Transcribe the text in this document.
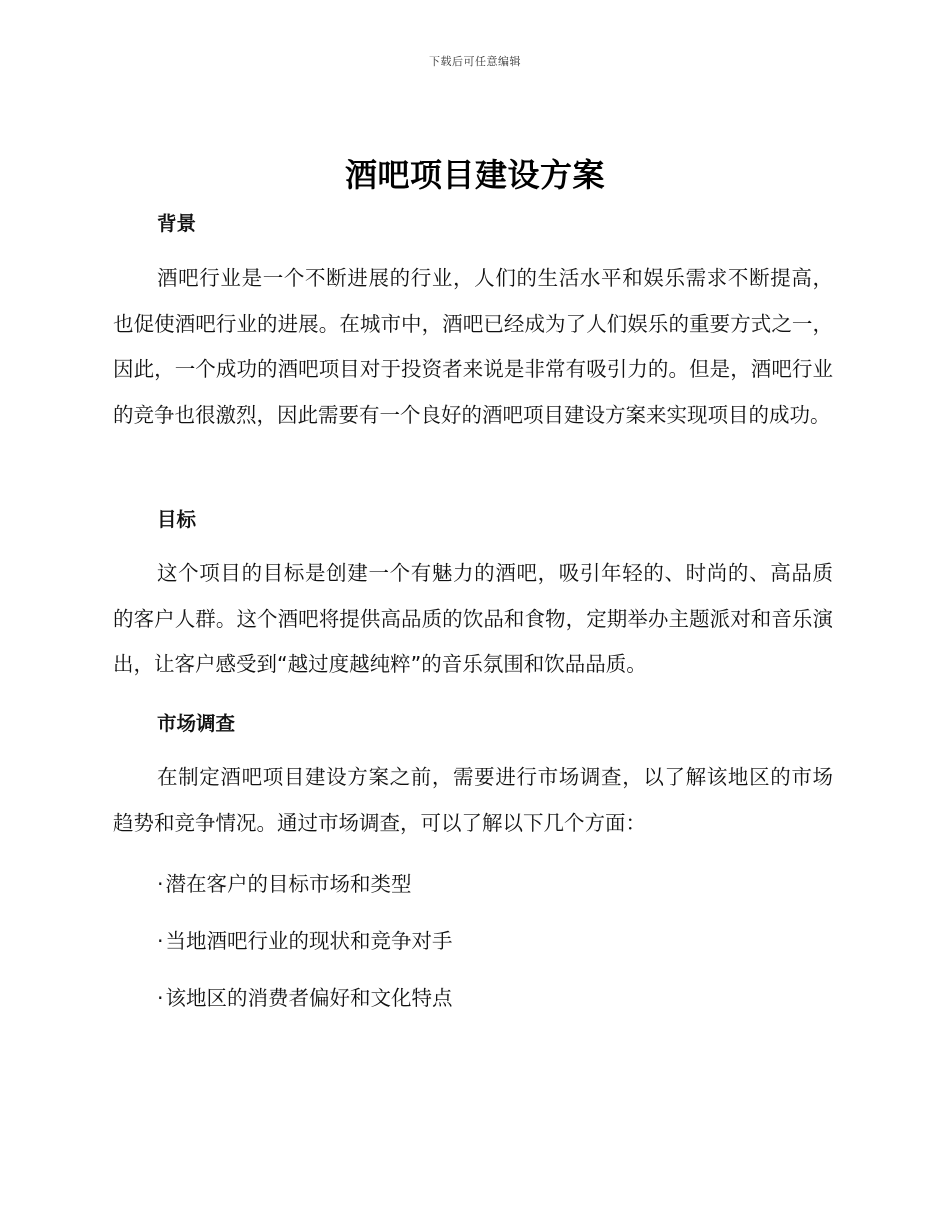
下载后可任意编辑
酒吧项目建设方案
背景

酒吧行业是一个不断进展的行业，人们的生活水平和娱乐需求不断提高，也促使酒吧行业的进展。在城市中，酒吧已经成为了人们娱乐的重要方式之一，因此，一个成功的酒吧项目对于投资者来说是非常有吸引力的。但是，酒吧行业的竞争也很激烈，因此需要有一个良好的酒吧项目建设方案来实现项目的成功。

目标

这个项目的目标是创建一个有魅力的酒吧，吸引年轻的、时尚的、高品质的客户人群。这个酒吧将提供高品质的饮品和食物，定期举办主题派对和音乐演出，让客户感受到“越过度越纯粹”的音乐氛围和饮品品质。

市场调查

在制定酒吧项目建设方案之前，需要进行市场调查，以了解该地区的市场趋势和竞争情况。通过市场调查，可以了解以下几个方面：

·潜在客户的目标市场和类型
·当地酒吧行业的现状和竞争对手
·该地区的消费者偏好和文化特点
